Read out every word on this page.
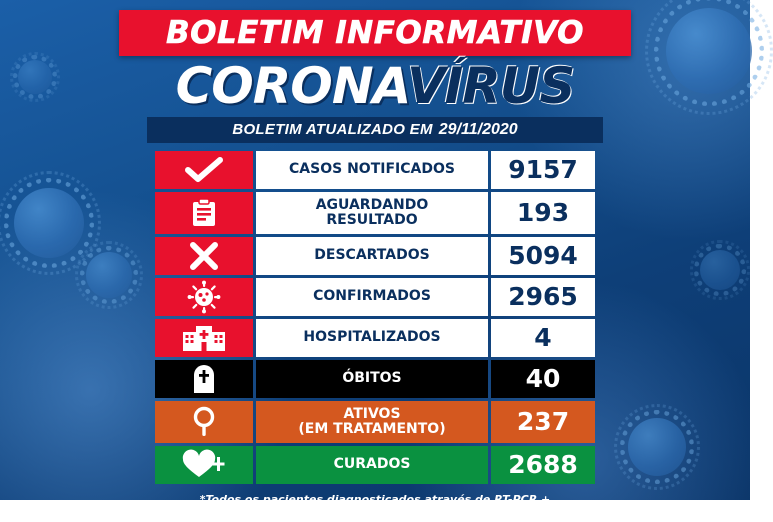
BOLETIM INFORMATIVO
CORONAVÍRUS
BOLETIM ATUALIZADO EM 29/11/2020
CASOS NOTIFICADOS 9157
AGUARDANDO
RESULTADO	193
DESCARTADOS	5094
CONFIRMADOS	2965
HOSPITALIZADOS	4
ÓBITOS	40
ATIVOS
(EM TRATAMENTO)	237
CURADOS	2688
*Todos os pacientes diagnosticados através de RT-PCR +
Teste rápido + Critério clínico epidemiológicos
